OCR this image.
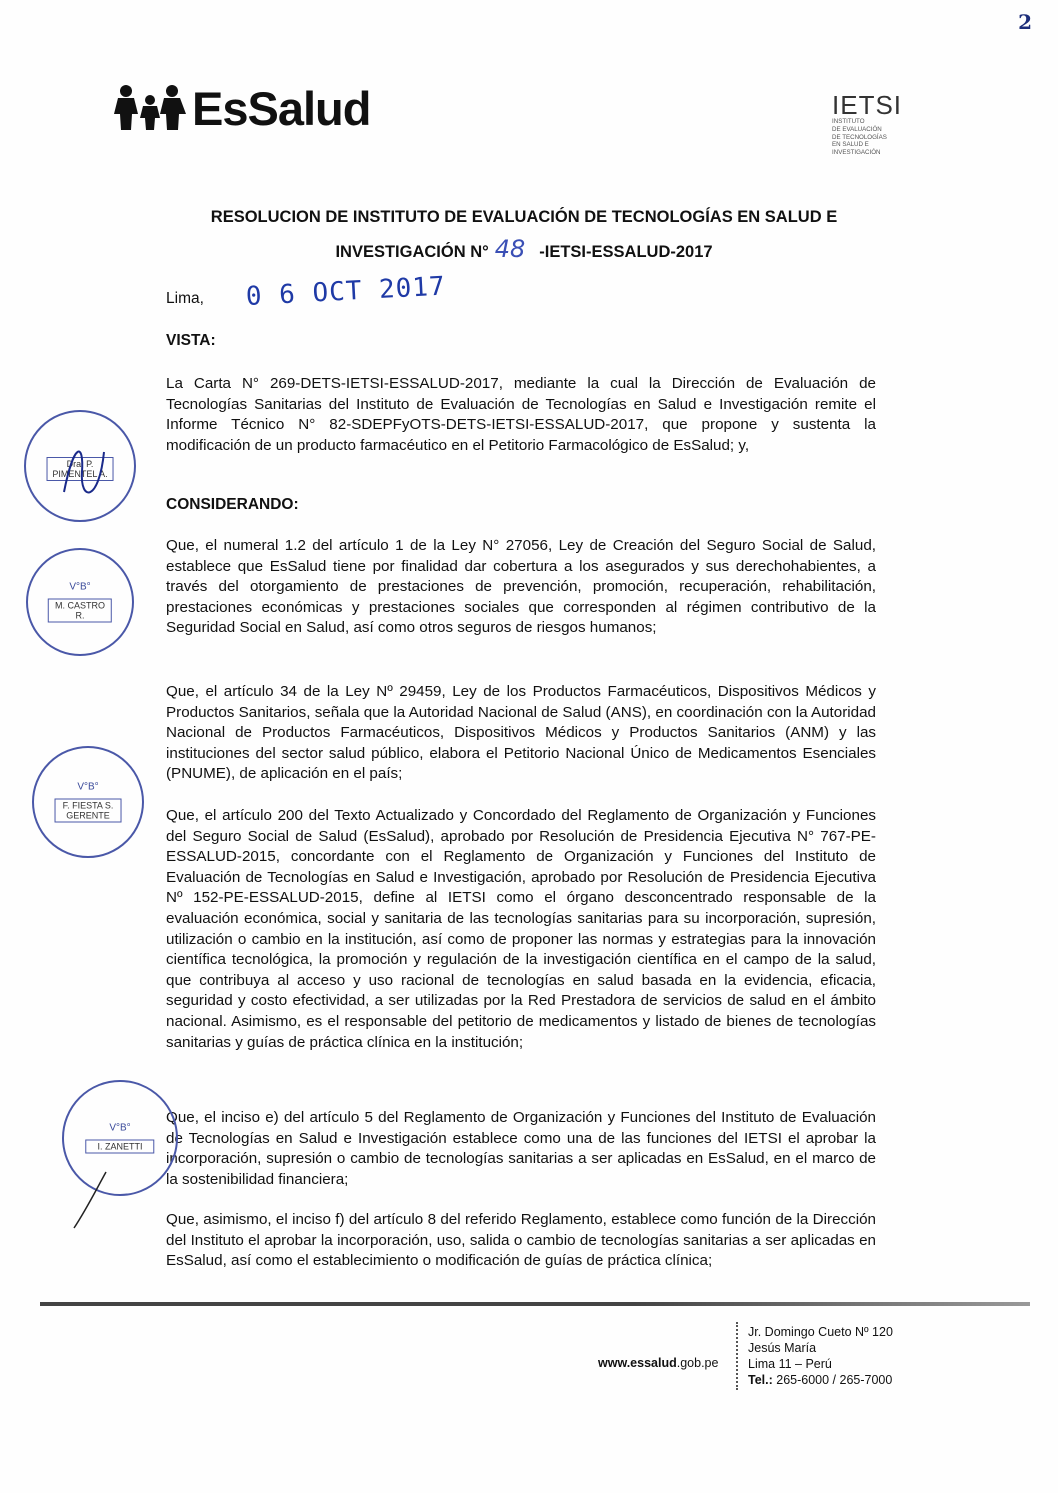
2
EsSalud	IETSI
INSTITUTO
DE EVALUACIÓN
DE TECNOLOGÍAS
EN SALUD E
INVESTIGACIÓN
RESOLUCION DE INSTITUTO DE EVALUACIÓN DE TECNOLOGÍAS EN SALUD E
INVESTIGACIÓN N° 48 -IETSI-ESSALUD-2017
Lima, 0 6 OCT 2017
VISTA:
La Carta N° 269-DETS-IETSI-ESSALUD-2017, mediante la cual la Dirección de Evaluación de Tecnologías Sanitarias del Instituto de Evaluación de Tecnologías en Salud e Investigación remite el Informe Técnico N° 82-SDEPFyOTS-DETS-IETSI-ESSALUD-2017, que propone y sustenta la modificación de un producto farmacéutico en el Petitorio Farmacológico de EsSalud; y,
CONSIDERANDO:
Que, el numeral 1.2 del artículo 1 de la Ley N° 27056, Ley de Creación del Seguro Social de Salud, establece que EsSalud tiene por finalidad dar cobertura a los asegurados y sus derechohabientes, a través del otorgamiento de prestaciones de prevención, promoción, recuperación, rehabilitación, prestaciones económicas y prestaciones sociales que corresponden al régimen contributivo de la Seguridad Social en Salud, así como otros seguros de riesgos humanos;
Que, el artículo 34 de la Ley Nº 29459, Ley de los Productos Farmacéuticos, Dispositivos Médicos y Productos Sanitarios, señala que la Autoridad Nacional de Salud (ANS), en coordinación con la Autoridad Nacional de Productos Farmacéuticos, Dispositivos Médicos y Productos Sanitarios (ANM) y las instituciones del sector salud público, elabora el Petitorio Nacional Único de Medicamentos Esenciales (PNUME), de aplicación en el país;
Que, el artículo 200 del Texto Actualizado y Concordado del Reglamento de Organización y Funciones del Seguro Social de Salud (EsSalud), aprobado por Resolución de Presidencia Ejecutiva N° 767-PE-ESSALUD-2015, concordante con el Reglamento de Organización y Funciones del Instituto de Evaluación de Tecnologías en Salud e Investigación, aprobado por Resolución de Presidencia Ejecutiva Nº 152-PE-ESSALUD-2015, define al IETSI como el órgano desconcentrado responsable de la evaluación económica, social y sanitaria de las tecnologías sanitarias para su incorporación, supresión, utilización o cambio en la institución, así como de proponer las normas y estrategias para la innovación científica tecnológica, la promoción y regulación de la investigación científica en el campo de la salud, que contribuya al acceso y uso racional de tecnologías en salud basada en la evidencia, eficacia, seguridad y costo efectividad, a ser utilizadas por la Red Prestadora de servicios de salud en el ámbito nacional. Asimismo, es el responsable del petitorio de medicamentos y listado de bienes de tecnologías sanitarias y guías de práctica clínica en la institución;
Que, el inciso e) del artículo 5 del Reglamento de Organización y Funciones del Instituto de Evaluación de Tecnologías en Salud e Investigación establece como una de las funciones del IETSI el aprobar la incorporación, supresión o cambio de tecnologías sanitarias a ser aplicadas en EsSalud, en el marco de la sostenibilidad financiera;
Que, asimismo, el inciso f) del artículo 8 del referido Reglamento, establece como función de la Dirección del Instituto el aprobar la incorporación, uso, salida o cambio de tecnologías sanitarias a ser aplicadas en EsSalud, así como el establecimiento o modificación de guías de práctica clínica;
Dra. P. PIMENTEL A.
V°B°
M. CASTRO R.
V°B°
F. FIESTA S. GERENTE
V°B°
I. ZANETTI
www.essalud.gob.pe
Jr. Domingo Cueto Nº 120
Jesús María
Lima 11 – Perú
Tel.: 265-6000 / 265-7000
